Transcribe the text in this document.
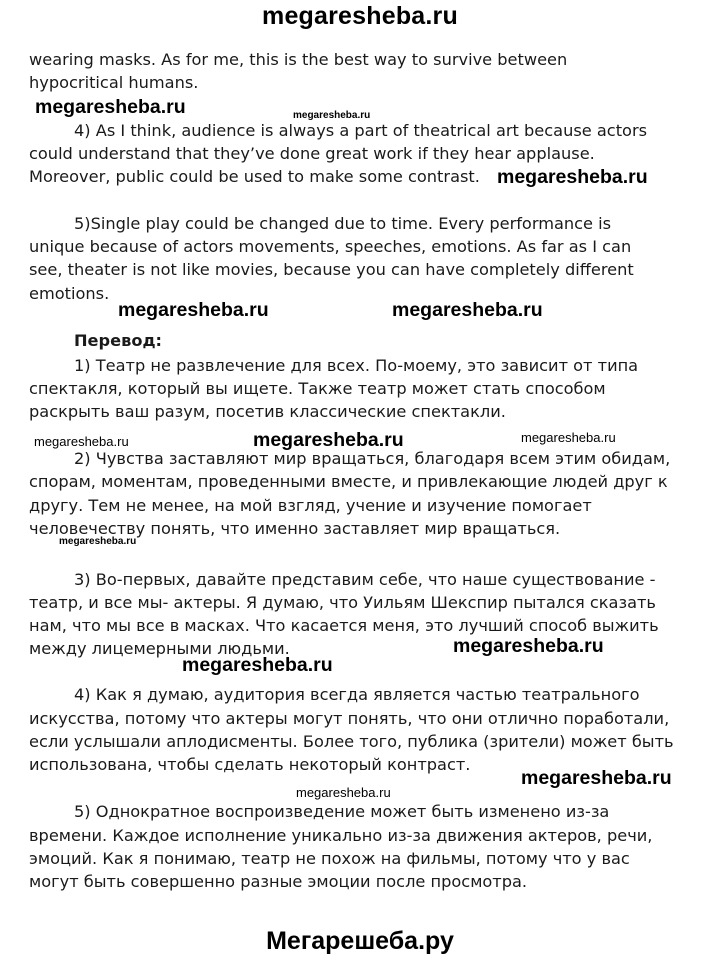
megaresheba.ru
wearing masks. As for me, this is the best way to survive between
hypocritical humans.
megaresheba.ru	megaresheba.ru
4) As I think, audience is always a part of theatrical art because actors
could understand that they’ve done great work if they hear applause.
Moreover, public could be used to make some contrast. megaresheba.ru
5)Single play could be changed due to time. Every performance is
unique because of actors movements, speeches, emotions. As far as I can
see, theater is not like movies, because you can have completely different
emotions.
megaresheba.ru	megaresheba.ru
Перевод:
1) Театр не развлечение для всех. По-моему, это зависит от типа
спектакля, который вы ищете. Также театр может стать способом
раскрыть ваш разум, посетив классические спектакли.
megaresheba.ru	megaresheba.ru	megaresheba.ru
2) Чувства заставляют мир вращаться, благодаря всем этим обидам,
спорам, моментам, проведенными вместе, и привлекающие людей друг к
другу. Тем не менее, на мой взгляд, учение и изучение помогает
человечеству понять, что именно заставляет мир вращаться.
megaresheba.ru
3) Во-первых, давайте представим себе, что наше существование -
театр, и все мы- актеры. Я думаю, что Уильям Шекспир пытался сказать
нам, что мы все в масках. Что касается меня, это лучший способ выжить
между лицемерными людьми.	megaresheba.ru
megaresheba.ru
4) Как я думаю, аудитория всегда является частью театрального
искусства, потому что актеры могут понять, что они отлично поработали,
если услышали аплодисменты. Более того, публика (зрители) может быть
использована, чтобы сделать некоторый контраст.
megaresheba.ru
megaresheba.ru
5) Однократное воспроизведение может быть изменено из-за
времени. Каждое исполнение уникально из-за движения актеров, речи,
эмоций. Как я понимаю, театр не похож на фильмы, потому что у вас
могут быть совершенно разные эмоции после просмотра.
Мегарешеба.ру
